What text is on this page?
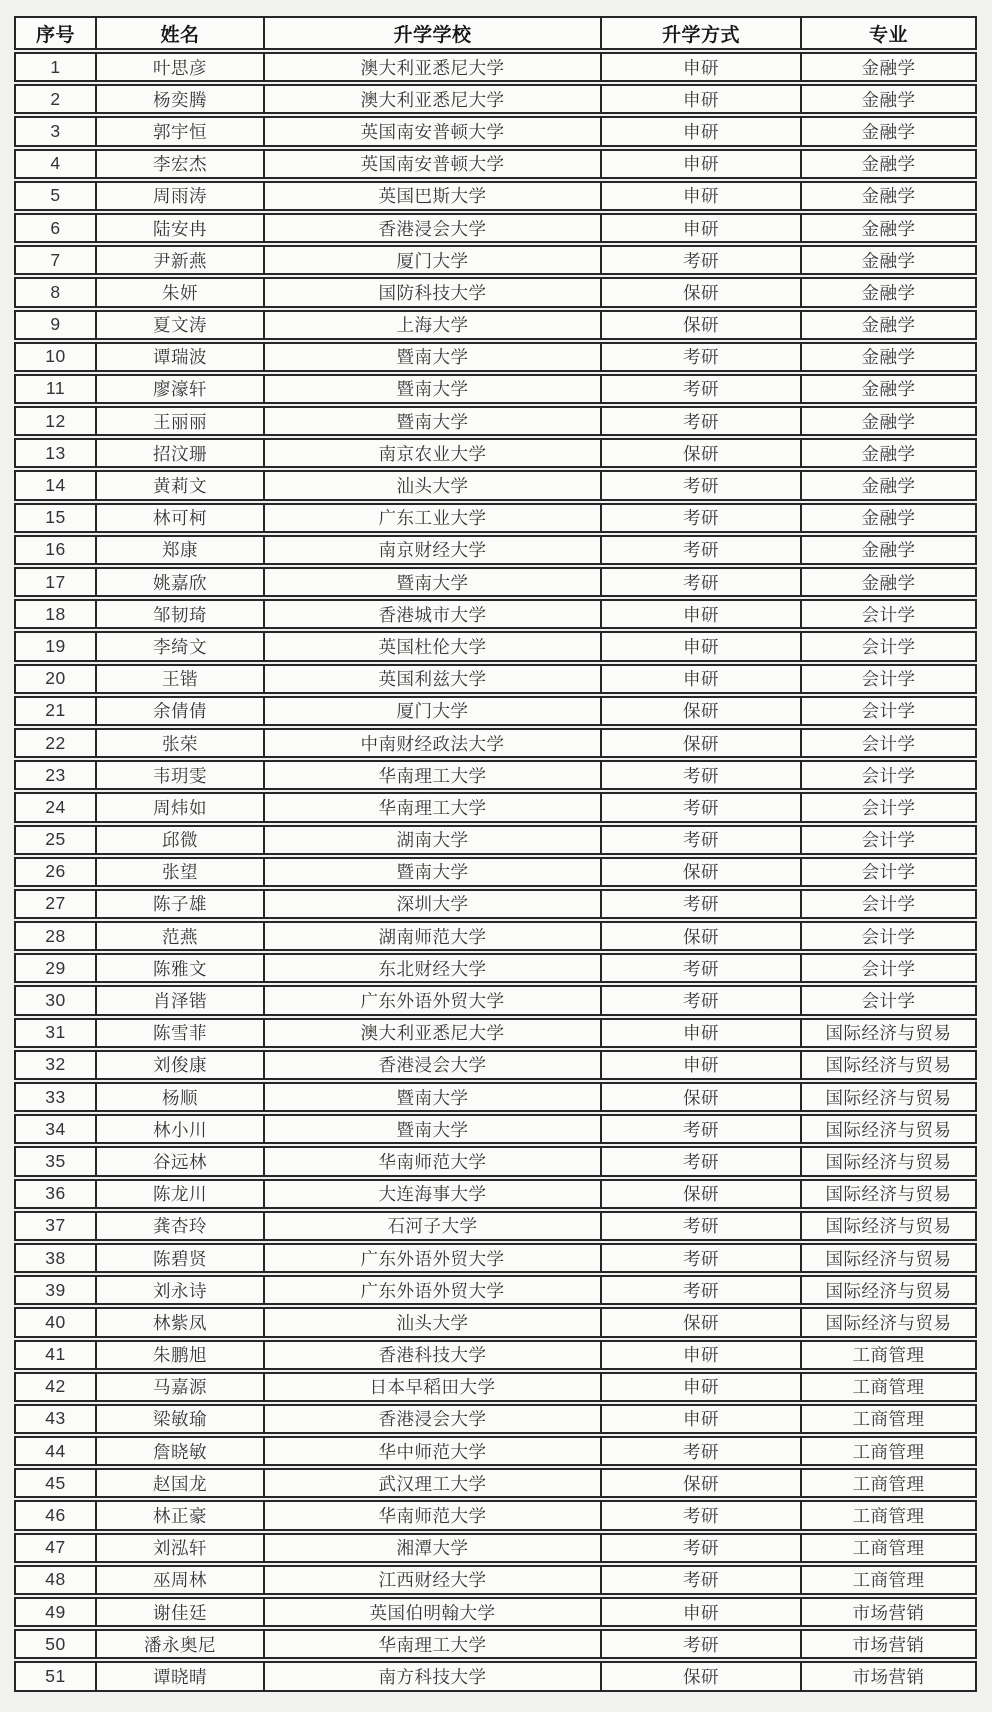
序号	姓名	升学学校	升学方式	专业
1	叶思彦	澳大利亚悉尼大学	申研	金融学
2	杨奕腾	澳大利亚悉尼大学	申研	金融学
3	郭宇恒	英国南安普顿大学	申研	金融学
4	李宏杰	英国南安普顿大学	申研	金融学
5	周雨涛	英国巴斯大学	申研	金融学
6	陆安冉	香港浸会大学	申研	金融学
7	尹新燕	厦门大学	考研	金融学
8	朱妍	国防科技大学	保研	金融学
9	夏文涛	上海大学	保研	金融学
10	谭瑞波	暨南大学	考研	金融学
11	廖濠轩	暨南大学	考研	金融学
12	王丽丽	暨南大学	考研	金融学
13	招汶珊	南京农业大学	保研	金融学
14	黄莉文	汕头大学	考研	金融学
15	林可柯	广东工业大学	考研	金融学
16	郑康	南京财经大学	考研	金融学
17	姚嘉欣	暨南大学	考研	金融学
18	邹韧琦	香港城市大学	申研	会计学
19	李绮文	英国杜伦大学	申研	会计学
20	王锴	英国利兹大学	申研	会计学
21	余倩倩	厦门大学	保研	会计学
22	张荣	中南财经政法大学	保研	会计学
23	韦玥雯	华南理工大学	考研	会计学
24	周炜如	华南理工大学	考研	会计学
25	邱微	湖南大学	考研	会计学
26	张望	暨南大学	保研	会计学
27	陈子雄	深圳大学	考研	会计学
28	范燕	湖南师范大学	保研	会计学
29	陈雅文	东北财经大学	考研	会计学
30	肖泽锴	广东外语外贸大学	考研	会计学
31	陈雪菲	澳大利亚悉尼大学	申研	国际经济与贸易
32	刘俊康	香港浸会大学	申研	国际经济与贸易
33	杨顺	暨南大学	保研	国际经济与贸易
34	林小川	暨南大学	考研	国际经济与贸易
35	谷远林	华南师范大学	考研	国际经济与贸易
36	陈龙川	大连海事大学	保研	国际经济与贸易
37	龚杏玲	石河子大学	考研	国际经济与贸易
38	陈碧贤	广东外语外贸大学	考研	国际经济与贸易
39	刘永诗	广东外语外贸大学	考研	国际经济与贸易
40	林紫凤	汕头大学	保研	国际经济与贸易
41	朱鹏旭	香港科技大学	申研	工商管理
42	马嘉源	日本早稻田大学	申研	工商管理
43	梁敏瑜	香港浸会大学	申研	工商管理
44	詹晓敏	华中师范大学	考研	工商管理
45	赵国龙	武汉理工大学	保研	工商管理
46	林正豪	华南师范大学	考研	工商管理
47	刘泓轩	湘潭大学	考研	工商管理
48	巫周林	江西财经大学	考研	工商管理
49	谢佳廷	英国伯明翰大学	申研	市场营销
50	潘永奥尼	华南理工大学	考研	市场营销
51	谭晓晴	南方科技大学	保研	市场营销
